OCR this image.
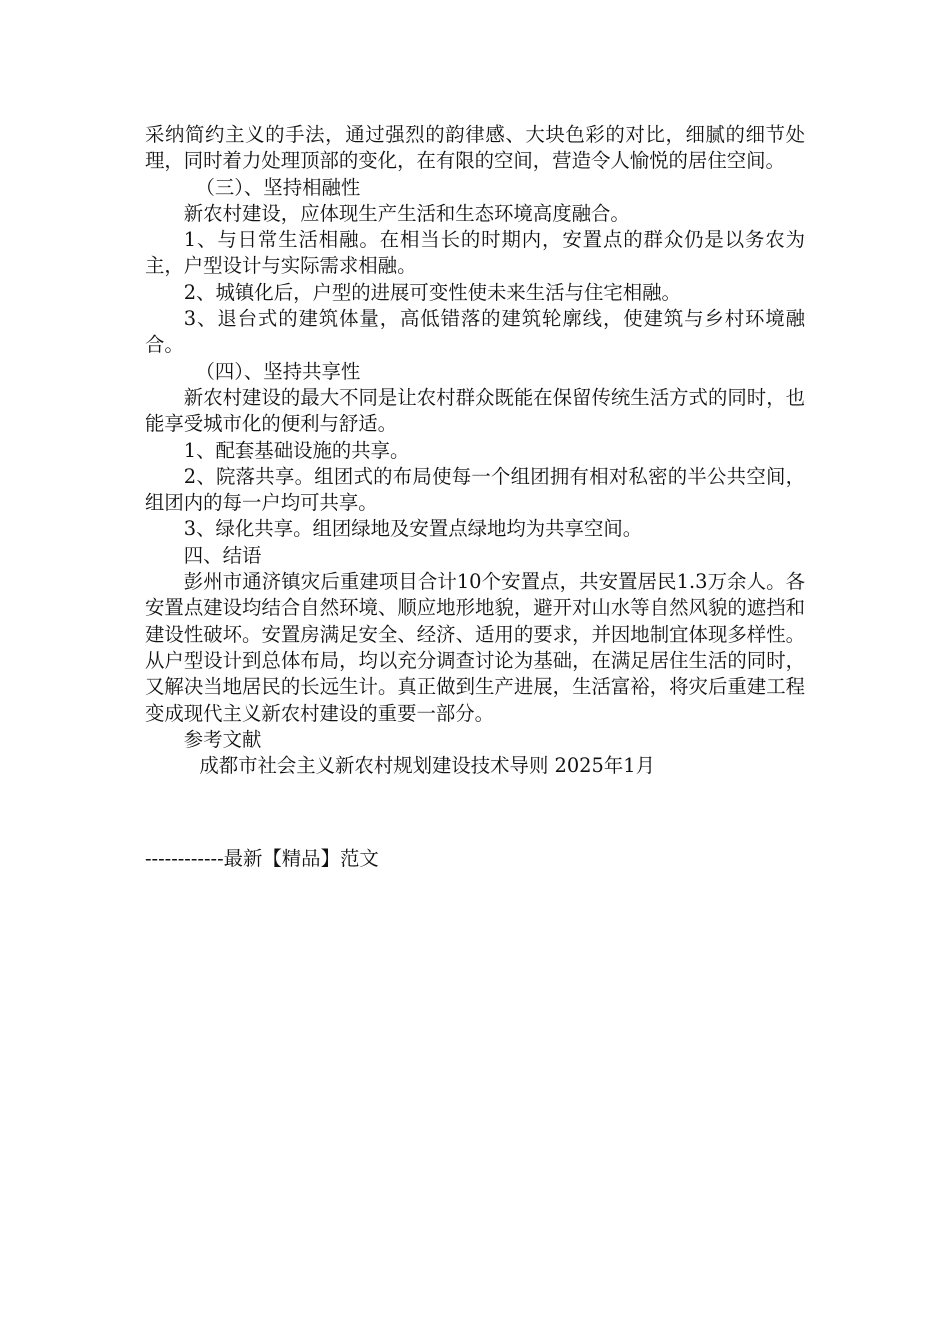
采纳简约主义的手法，通过强烈的韵律感、大块色彩的对比，细腻的细节处理，同时着力处理顶部的变化，在有限的空间，营造令人愉悦的居住空间。

（三）、坚持相融性

新农村建设，应体现生产生活和生态环境高度融合。

1、与日常生活相融。在相当长的时期内，安置点的群众仍是以务农为主，户型设计与实际需求相融。

2、城镇化后，户型的进展可变性使未来生活与住宅相融。

3、退台式的建筑体量，高低错落的建筑轮廓线，使建筑与乡村环境融合。

（四）、坚持共享性

新农村建设的最大不同是让农村群众既能在保留传统生活方式的同时，也能享受城市化的便利与舒适。

1、配套基础设施的共享。

2、院落共享。组团式的布局使每一个组团拥有相对私密的半公共空间，组团内的每一户均可共享。

3、绿化共享。组团绿地及安置点绿地均为共享空间。

四、结语

彭州市通济镇灾后重建项目合计10个安置点，共安置居民1.3万余人。各安置点建设均结合自然环境、顺应地形地貌，避开对山水等自然风貌的遮挡和建设性破坏。安置房满足安全、经济、适用的要求，并因地制宜体现多样性。从户型设计到总体布局，均以充分调查讨论为基础，在满足居住生活的同时，又解决当地居民的长远生计。真正做到生产进展，生活富裕，将灾后重建工程变成现代主义新农村建设的重要一部分。

参考文献

成都市社会主义新农村规划建设技术导则 2025年1月

------------最新【精品】范文
